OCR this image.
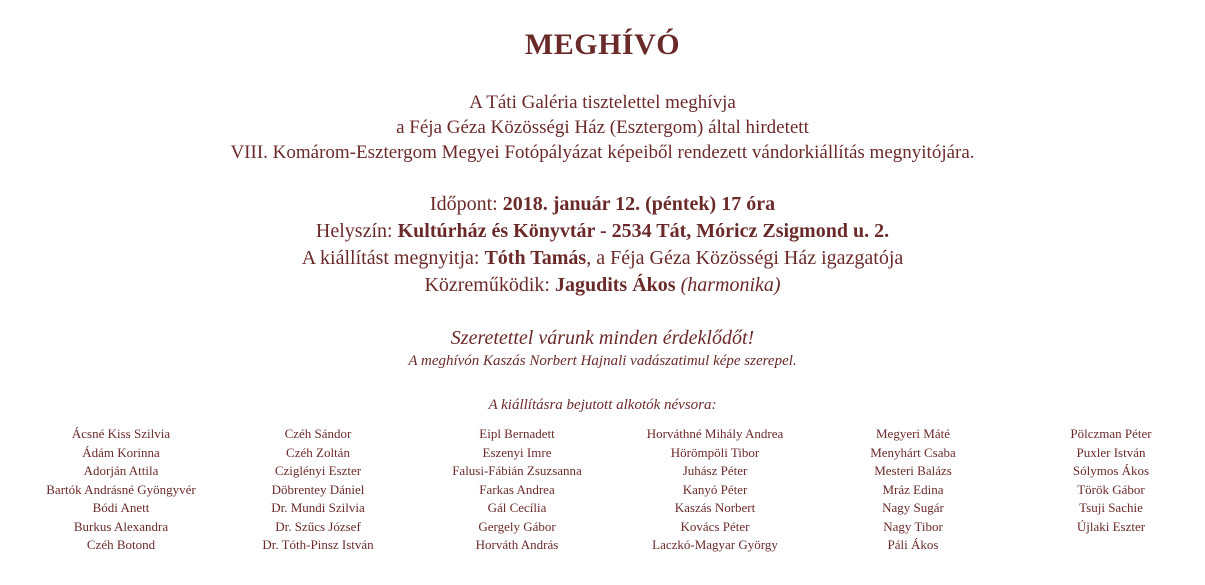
MEGHÍVÓ
A Táti Galéria tisztelettel meghívja
a Féja Géza Közösségi Ház (Esztergom) által hirdetett
VIII. Komárom-Esztergom Megyei Fotópályázat képeiből rendezett vándorkiállítás megnyitójára.
Időpont: 2018. január 12. (péntek) 17 óra
Helyszín: Kultúrház és Könyvtár - 2534 Tát, Móricz Zsigmond u. 2.
A kiállítást megnyitja: Tóth Tamás, a Féja Géza Közösségi Ház igazgatója
Közreműködik: Jagudits Ákos (harmonika)
Szeretettel várunk minden érdeklődőt!
A meghívón Kaszás Norbert Hajnali vadászatimul képe szerepel.
A kiállításra bejutott alkotók névsora:
Ácsné Kiss Szilvia
Ádám Korinna
Adorján Attila
Bartók Andrásné Gyöngyvér
Bódi Anett
Burkus Alexandra
Czéh Botond
Czéh Sándor
Czéh Zoltán
Cziglényi Eszter
Döbrentey Dániel
Dr. Mundi Szilvia
Dr. Szűcs József
Dr. Tóth-Pinsz István
Eipl Bernadett
Eszenyi Imre
Falusi-Fábián Zsuzsanna
Farkas Andrea
Gál Cecília
Gergely Gábor
Horváth András
Horváthné Mihály Andrea
Hörömpöli Tibor
Juhász Péter
Kanyó Péter
Kaszás Norbert
Kovács Péter
Laczkó-Magyar György
Megyeri Máté
Menyhárt Csaba
Mesteri Balázs
Mráz Edina
Nagy Sugár
Nagy Tibor
Páli Ákos
Pölczman Péter
Puxler István
Sólymos Ákos
Török Gábor
Tsuji Sachie
Újlaki Eszter
